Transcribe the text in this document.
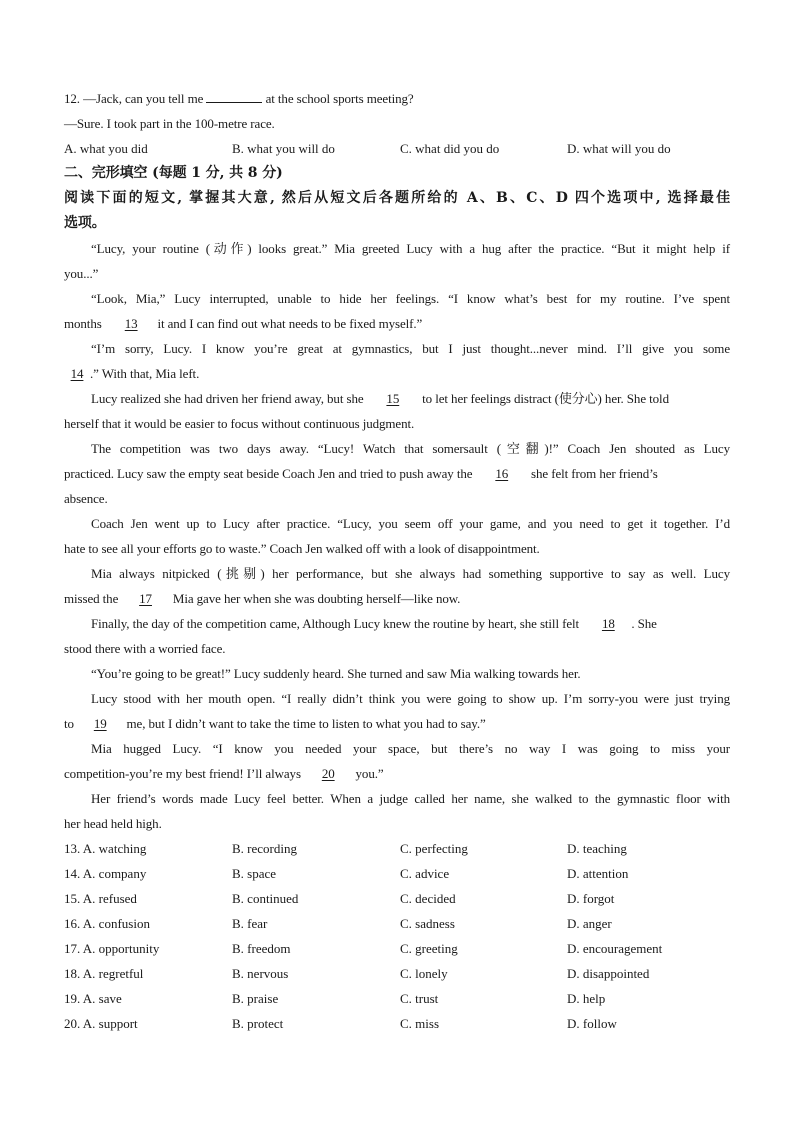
12. —Jack, can you tell me	at the school sports meeting?
—Sure. I took part in the 100-metre race.
A. what you did	B. what you will do	C. what did you do	D. what will you do
二、完形填空 (每题 1 分, 共 8 分)
阅读下面的短文, 掌握其大意, 然后从短文后各题所给的 A、B、C、D 四个选项中, 选择最佳
选项。
“Lucy, your routine (动作) looks great.” Mia greeted Lucy with a hug after the practice. “But it might help if
you...”
“Look, Mia,” Lucy interrupted, unable to hide her feelings. “I know what’s best for my routine. I’ve spent
months   13  it and I can find out what needs to be fixed myself.”
“I’m sorry, Lucy. I know you’re great at gymnastics, but I just thought...never mind. I’ll give you some
14 .” With that, Mia left.
Lucy realized she had driven her friend away, but she  15  to let her feelings distract (使分心) her. She told
herself that it would be easier to focus without continuous judgment.
The competition was two days away. “Lucy! Watch that somersault (空翻)!” Coach Jen shouted as Lucy
practiced. Lucy saw the empty seat beside Coach Jen and tried to push away the  16  she felt from her friend’s
absence.
Coach Jen went up to Lucy after practice. “Lucy, you seem off your game, and you need to get it together. I’d
hate to see all your efforts go to waste.” Coach Jen walked off with a look of disappointment.
Mia always nitpicked (挑剔) her performance, but she always had something supportive to say as well. Lucy
missed the  17  Mia gave her when she was doubting herself—like now.
Finally, the day of the competition came, Although Lucy knew the routine by heart, she still felt  18 . She
stood there with a worried face.
“You’re going to be great!” Lucy suddenly heard. She turned and saw Mia walking towards her.
Lucy stood with her mouth open. “I really didn’t think you were going to show up. I’m sorry-you were just trying
to  19  me, but I didn’t want to take the time to listen to what you had to say.”
Mia hugged Lucy. “I know you needed your space, but there’s no way I was going to miss your
competition-you’re my best friend! I’ll always  20  you.”
Her friend’s words made Lucy feel better. When a judge called her name, she walked to the gymnastic floor with
her head held high.
13. A. watching	B. recording	C. perfecting	D. teaching
14. A. company	B. space	C. advice	D. attention
15. A. refused	B. continued	C. decided	D. forgot
16. A. confusion	B. fear	C. sadness	D. anger
17. A. opportunity	B. freedom	C. greeting	D. encouragement
18. A. regretful	B. nervous	C. lonely	D. disappointed
19. A. save	B. praise	C. trust	D. help
20. A. support	B. protect	C. miss	D. follow
